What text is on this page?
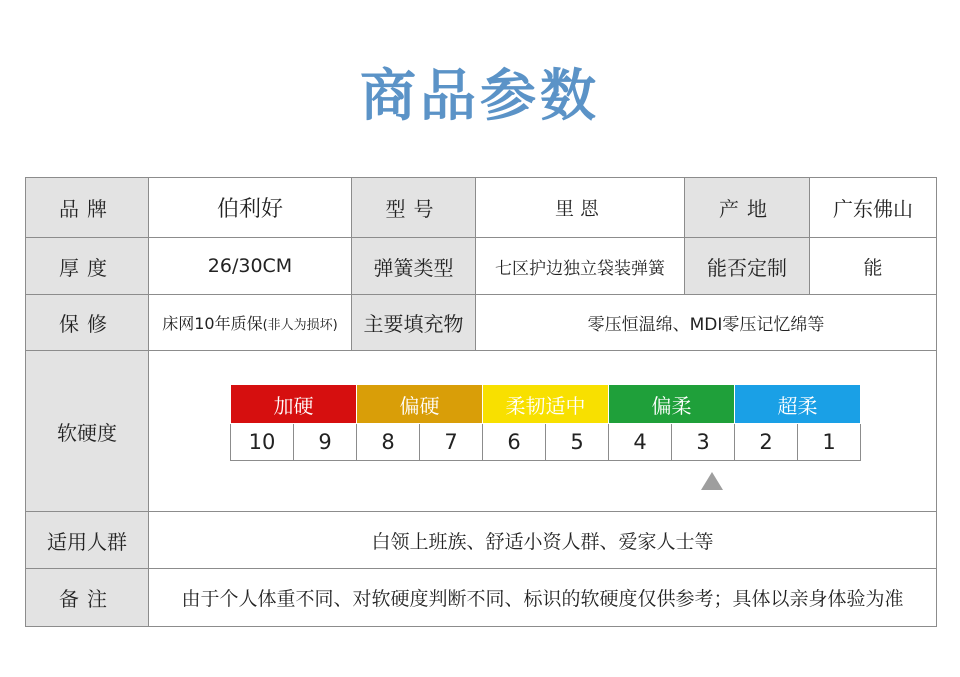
商品参数
品牌	伯利好	型号	里恩	产地	广东佛山
厚度	26/30CM	弹簧类型	七区护边独立袋装弹簧	能否定制	能
保修	床网10年质保(非人为损坏)	主要填充物	零压恒温绵、MDI零压记忆绵等
软硬度	
加硬	偏硬	柔韧适中	偏柔	超柔
10	9	8	7	6	5	4	3	2	1

适用人群	白领上班族、舒适小资人群、爱家人士等
备注	由于个人体重不同、对软硬度判断不同、标识的软硬度仅供参考；具体以亲身体验为准
